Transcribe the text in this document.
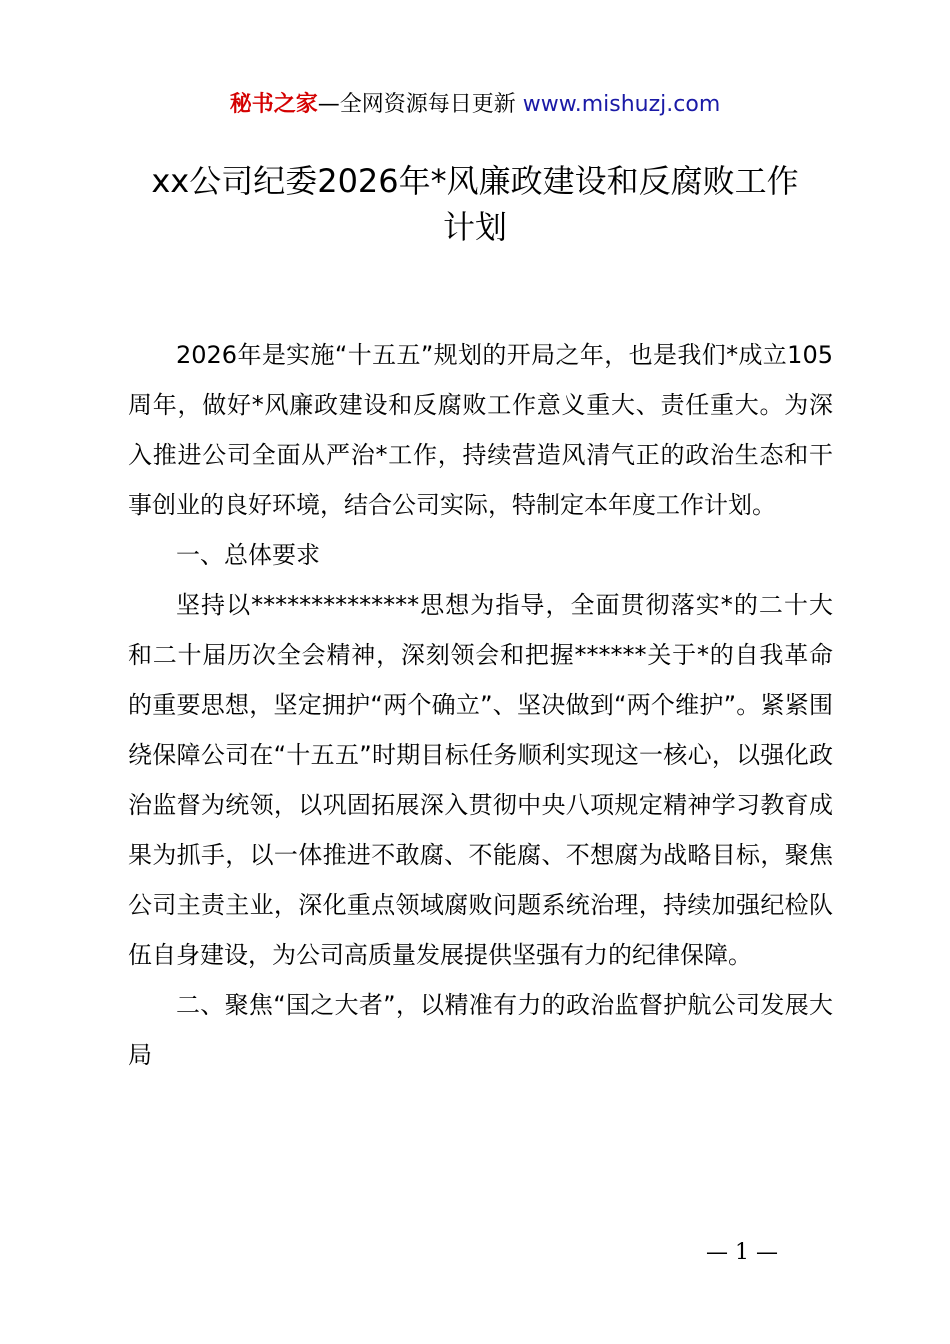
秘书之家—全网资源每日更新 www.mishuzj.com
xx公司纪委2026年*风廉政建设和反腐败工作
计划

2026年是实施“十五五”规划的开局之年，也是我们*成立105周年，做好*风廉政建设和反腐败工作意义重大、责任重大。为深入推进公司全面从严治*工作，持续营造风清气正的政治生态和干事创业的良好环境，结合公司实际，特制定本年度工作计划。

一、总体要求

坚持以**************思想为指导，全面贯彻落实*的二十大和二十届历次全会精神，深刻领会和把握******关于*的自我革命的重要思想，坚定拥护“两个确立”、坚决做到“两个维护”。紧紧围绕保障公司在“十五五”时期目标任务顺利实现这一核心，以强化政治监督为统领，以巩固拓展深入贯彻中央八项规定精神学习教育成果为抓手，以一体推进不敢腐、不能腐、不想腐为战略目标，聚焦公司主责主业，深化重点领域腐败问题系统治理，持续加强纪检队伍自身建设，为公司高质量发展提供坚强有力的纪律保障。

二、聚焦“国之大者”，以精准有力的政治监督护航公司发展大局

— 1 —
